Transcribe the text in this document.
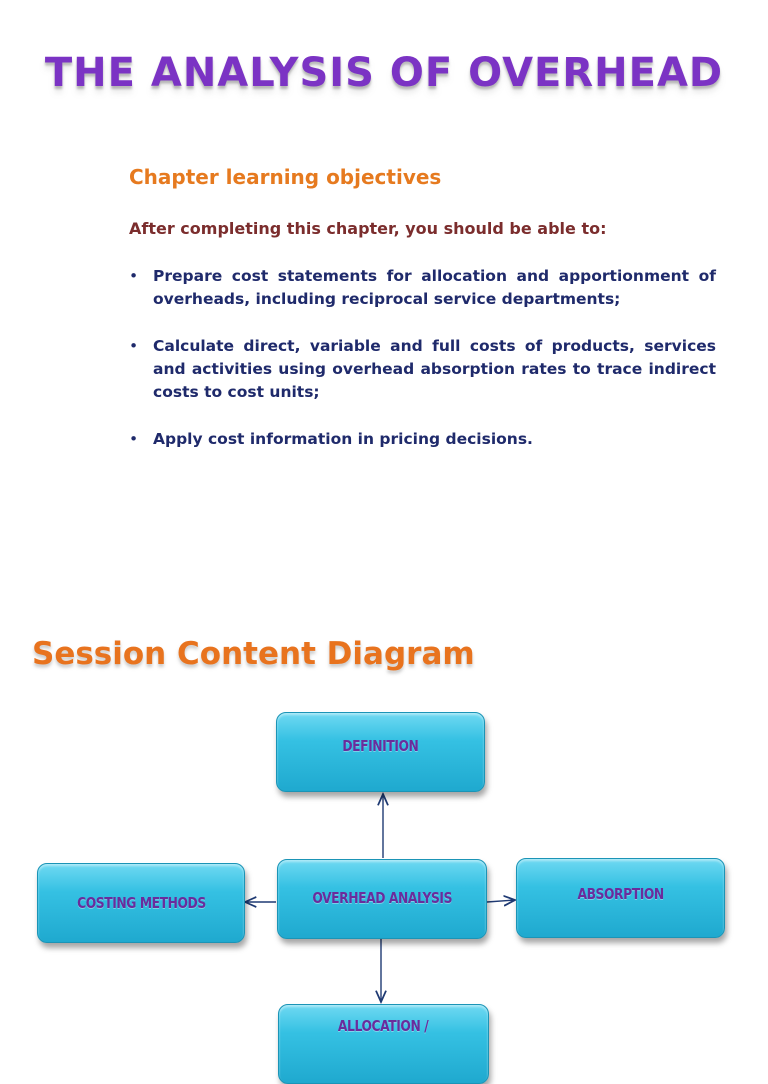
THE ANALYSIS OF OVERHEAD
Chapter learning objectives

After completing this chapter, you should be able to:

• Prepare cost statements for allocation and apportionment of overheads, including reciprocal service departments;
• Calculate direct, variable and full costs of products, services and activities using overhead absorption rates to trace indirect costs to cost units;
• Apply cost information in pricing decisions.
Session Content Diagram
DEFINITION
OVERHEAD ANALYSIS
COSTING METHODS	ABSORPTION
ALLOCATION /
